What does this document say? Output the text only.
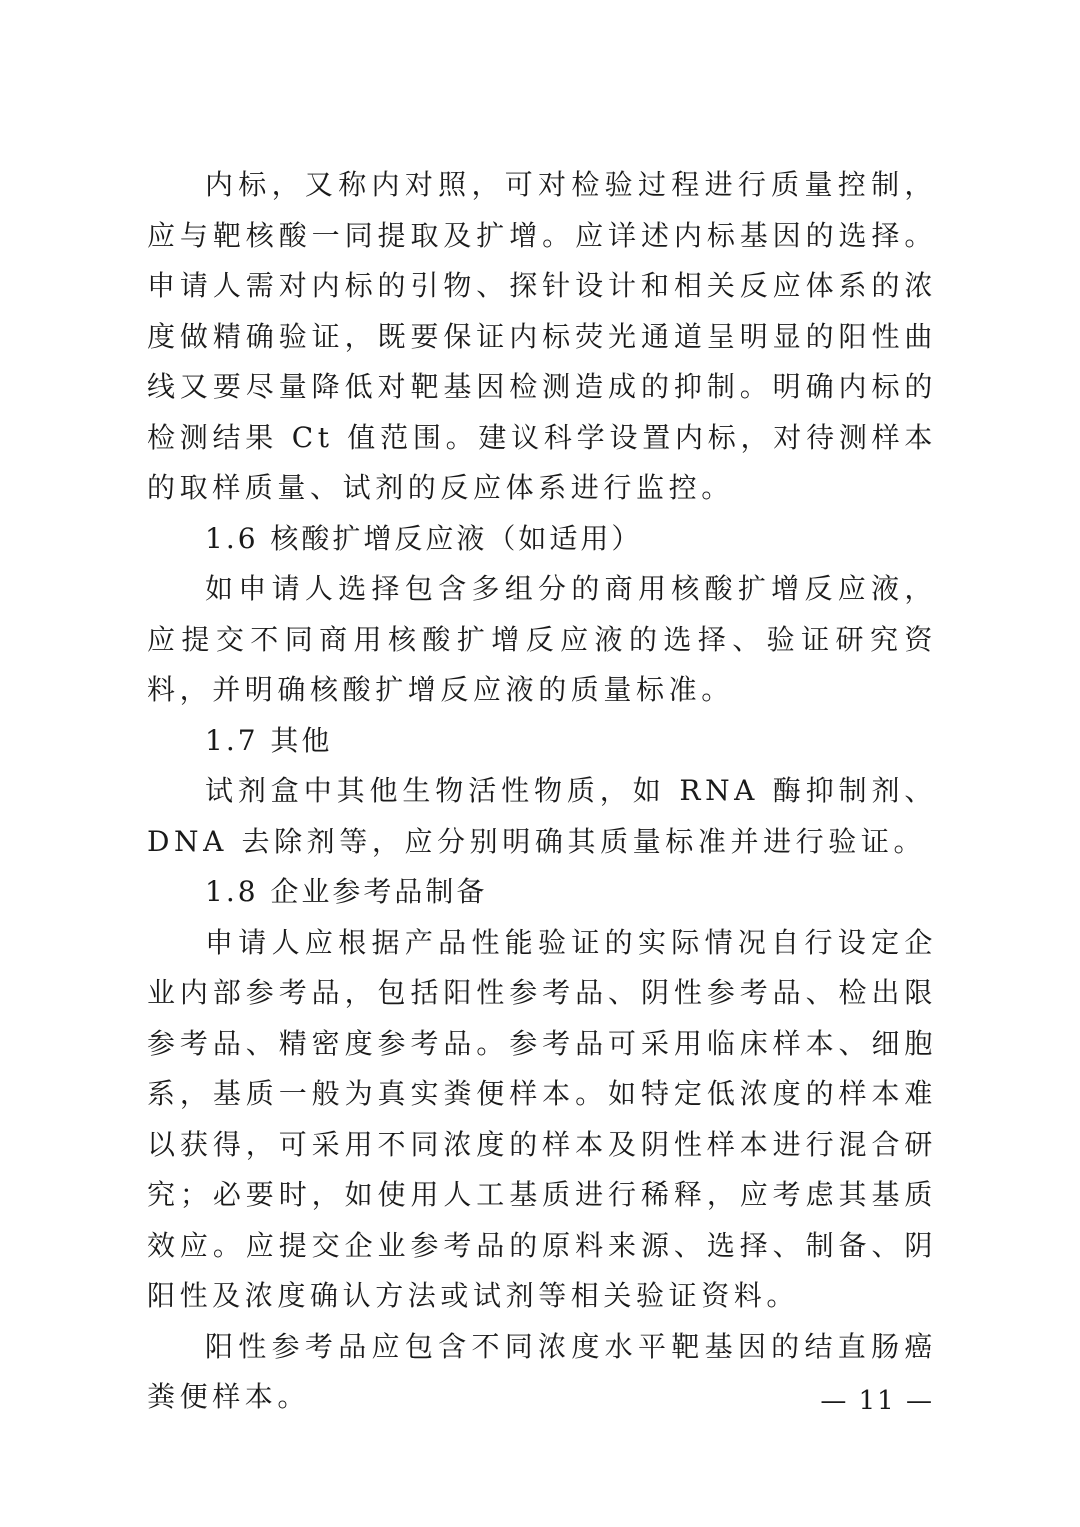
内标，又称内对照，可对检验过程进行质量控制，应与靶核酸一同提取及扩增。应详述内标基因的选择。申请人需对内标的引物、探针设计和相关反应体系的浓度做精确验证，既要保证内标荧光通道呈明显的阳性曲线又要尽量降低对靶基因检测造成的抑制。明确内标的检测结果 Ct 值范围。建议科学设置内标，对待测样本的取样质量、试剂的反应体系进行监控。

1.6 核酸扩增反应液（如适用）

如申请人选择包含多组分的商用核酸扩增反应液，应提交不同商用核酸扩增反应液的选择、验证研究资料，并明确核酸扩增反应液的质量标准。

1.7 其他

试剂盒中其他生物活性物质，如 RNA 酶抑制剂、DNA 去除剂等，应分别明确其质量标准并进行验证。

1.8 企业参考品制备

申请人应根据产品性能验证的实际情况自行设定企业内部参考品，包括阳性参考品、阴性参考品、检出限参考品、精密度参考品。参考品可采用临床样本、细胞系，基质一般为真实粪便样本。如特定低浓度的样本难以获得，可采用不同浓度的样本及阴性样本进行混合研究；必要时，如使用人工基质进行稀释，应考虑其基质效应。应提交企业参考品的原料来源、选择、制备、阴阳性及浓度确认方法或试剂等相关验证资料。

阳性参考品应包含不同浓度水平靶基因的结直肠癌粪便样本。	— 11 —
